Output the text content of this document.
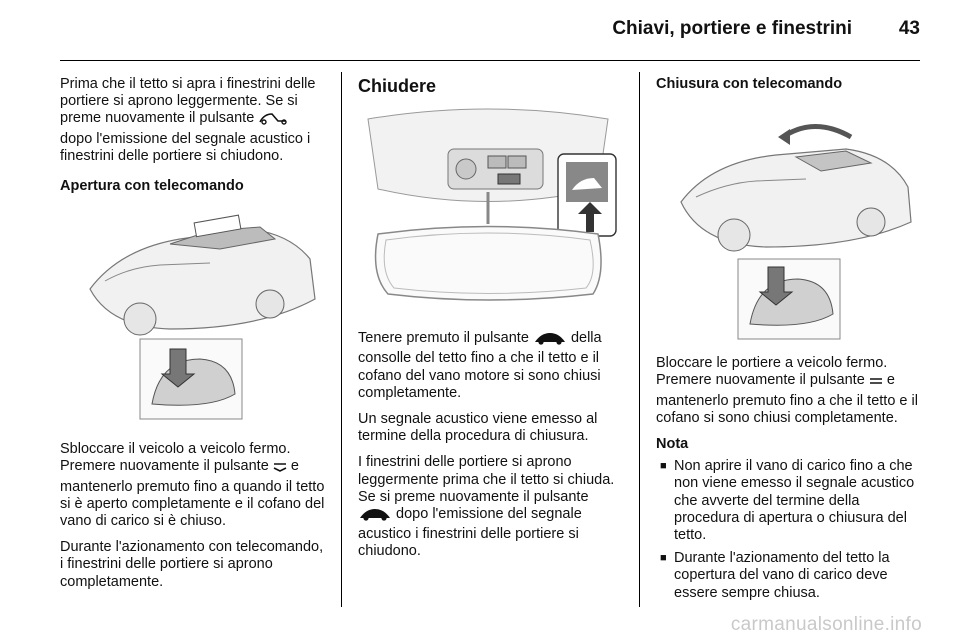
Chiavi, portiere e finestrini 43

Prima che il tetto si apra i finestrini delle portiere si aprono leggermente. Se si preme nuovamente il pulsante  dopo l'emissione del segnale acustico i finestrini delle portiere si chiudono.

Apertura con telecomando

Sbloccare il veicolo a veicolo fermo. Premere nuovamente il pulsante e mantenerlo premuto fino a quando il tetto si è aperto completamente e il cofano del vano di carico si è chiuso.

Durante l'azionamento con telecomando, i finestrini delle portiere si aprono completamente.

Chiudere

Tenere premuto il pulsante	della consolle del tetto fino a che il tetto e il cofano del vano motore si sono chiusi completamente.

Un segnale acustico viene emesso al termine della procedura di chiusura.

I finestrini delle portiere si aprono leggermente prima che il tetto si chiuda. Se si preme nuovamente il pulsante  dopo l'emissione del segnale acustico i finestrini delle portiere si chiudono.

Chiusura con telecomando

Bloccare le portiere a veicolo fermo. Premere nuovamente il pulsante e mantenerlo premuto fino a che il tetto e il cofano si sono chiusi completamente.

Nota

■ Non aprire il vano di carico fino a che non viene emesso il segnale acustico che avverte del termine della procedura di apertura o chiusura del tetto.
■ Durante l'azionamento del tetto la copertura del vano di carico deve essere sempre chiusa.
carmanualsonline.info
